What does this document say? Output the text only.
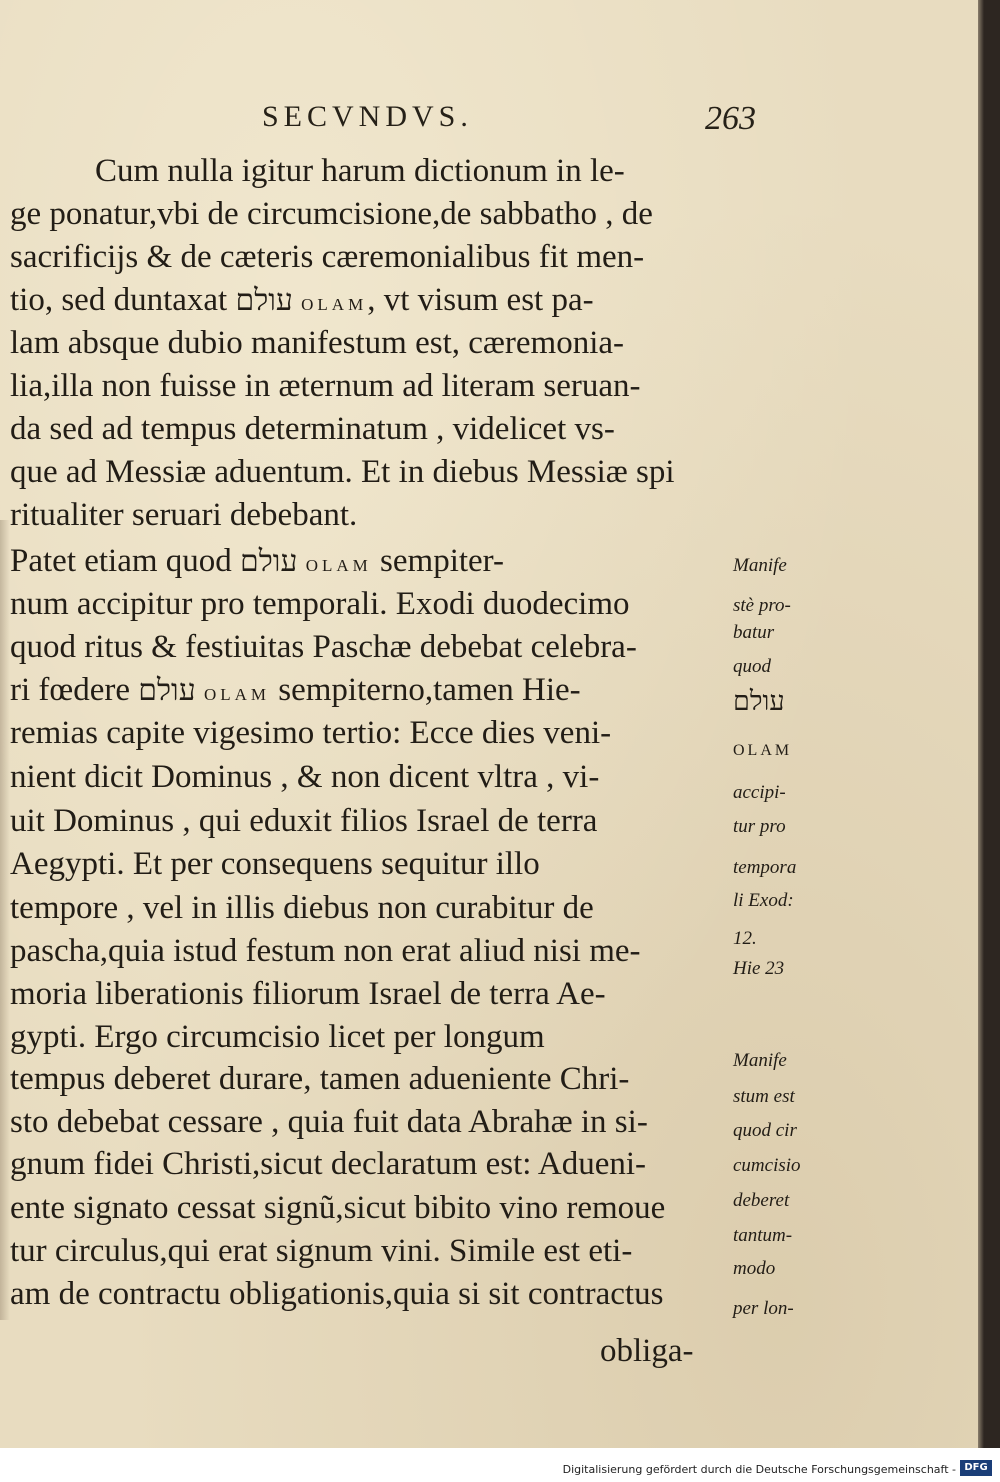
SECVNDVS.	263
Cum nulla igitur harum dictionum in le-
ge ponatur,vbi de circumcisione,de sabbatho , de
sacrificijs & de cæteris cæremonialibus fit men-
tio, sed duntaxat עולם OLAM, vt visum est pa-
lam absque dubio manifestum est, cæremonia-
lia,illa non fuisse in æternum ad literam seruan-
da sed ad tempus determinatum , videlicet vs-
que ad Messiæ aduentum. Et in diebus Messiæ spi
ritualiter seruari debebant.
Patet etiam quod עולם OLAM sempiter-
num accipitur pro temporali. Exodi duodecimo
quod ritus & festiuitas Paschæ debebat celebra-
ri fœdere עולם OLAM sempiterno,tamen Hie-
remias capite vigesimo tertio: Ecce dies veni-
nient dicit Dominus , & non dicent vltra , vi-
uit Dominus , qui eduxit filios Israel de terra
Aegypti. Et per consequens sequitur illo
tempore , vel in illis diebus non curabitur de
pascha,quia istud festum non erat aliud nisi me-
moria liberationis filiorum Israel de terra Ae-
gypti. Ergo circumcisio licet per longum
tempus deberet durare, tamen adueniente Chri-
sto debebat cessare , quia fuit data Abrahæ in si-
gnum fidei Christi,sicut declaratum est: Adueni-
ente signato cessat signũ,sicut bibito vino remoue
tur circulus,qui erat signum vini. Simile est eti-
am de contractu obligationis,quia si sit contractus
obliga-
Manife
stè pro-
batur
quod
עולם
OLAM
accipi-
tur pro
tempora
li Exod:
12.
Hie 23
Manife
stum est
quod cir
cumcisio
deberet
tantum-
modo
per lon-
Digitalisierung gefördert durch die Deutsche Forschungsgemeinschaft - DFG
